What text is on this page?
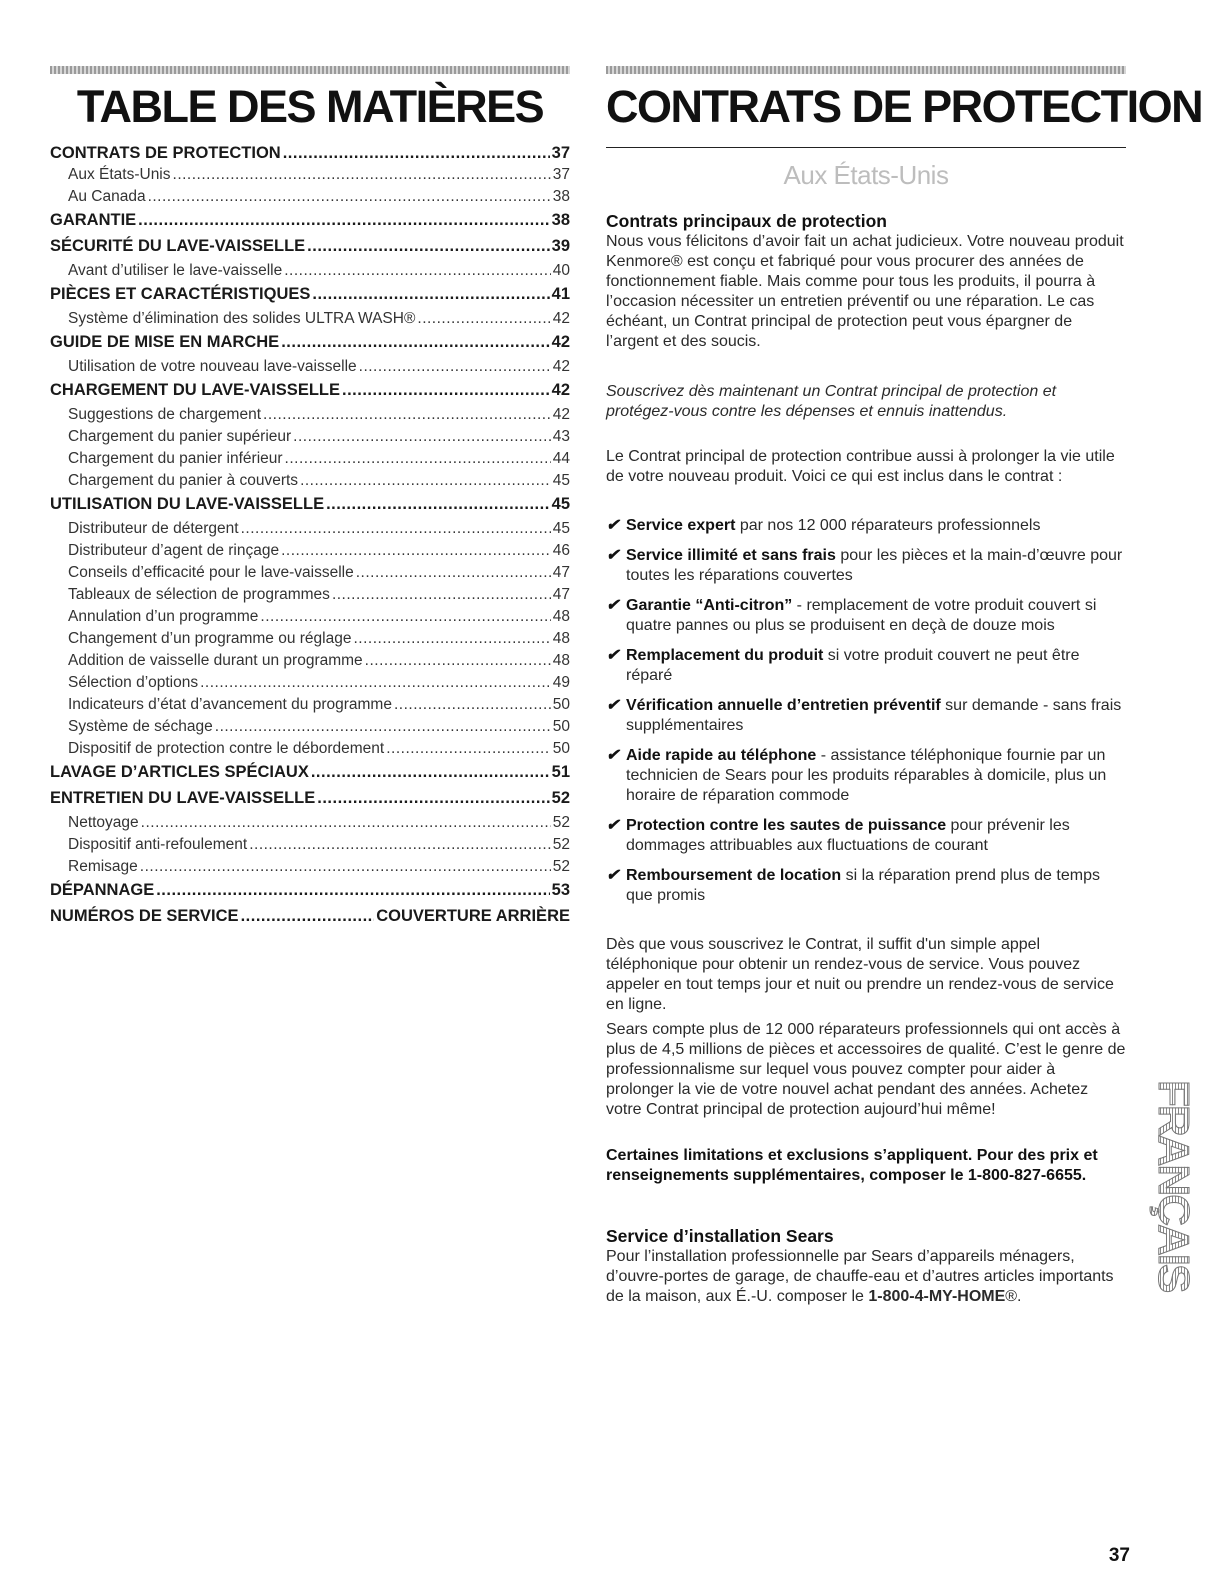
TABLE DES MATIÈRES	CONTRATS DE PROTECTION
CONTRATS DE PROTECTION .....	37
Aux États-Unis .....	37
Au Canada .....	38
GARANTIE .....	38
SÉCURITÉ DU LAVE-VAISSELLE .....	39
Avant d’utiliser le lave-vaisselle .....	40
PIÈCES ET CARACTÉRISTIQUES .....	41
Système d’élimination des solides ULTRA WASH® .....	42
GUIDE DE MISE EN MARCHE .....	42
Utilisation de votre nouveau lave-vaisselle .....	42
CHARGEMENT DU LAVE-VAISSELLE .....	42
Suggestions de chargement .....	42
Chargement du panier supérieur .....	43
Chargement du panier inférieur .....	44
Chargement du panier à couverts .....	45
UTILISATION DU LAVE-VAISSELLE .....	45
Distributeur de détergent .....	45
Distributeur d’agent de rinçage .....	46
Conseils d’efficacité pour le lave-vaisselle .....	47
Tableaux de sélection de programmes .....	47
Annulation d’un programme .....	48
Changement d’un programme ou réglage .....	48
Addition de vaisselle durant un programme .....	48
Sélection d’options .....	49
Indicateurs d’état d’avancement du programme .....	50
Système de séchage .....	50
Dispositif de protection contre le débordement .....	50
LAVAGE D’ARTICLES SPÉCIAUX .....	51
ENTRETIEN DU LAVE-VAISSELLE .....	52
Nettoyage .....	52
Dispositif anti-refoulement .....	52
Remisage .....	52
DÉPANNAGE .....	53
NUMÉROS DE SERVICE .....	COUVERTURE ARRIÈRE
Aux États-Unis

Contrats principaux de protection

Nous vous félicitons d’avoir fait un achat judicieux. Votre nouveau produit Kenmore® est conçu et fabriqué pour vous procurer des années de fonctionnement fiable. Mais comme pour tous les produits, il pourra à l’occasion nécessiter un entretien préventif ou une réparation. Le cas échéant, un Contrat principal de protection peut vous épargner de l’argent et des soucis.

Souscrivez dès maintenant un Contrat principal de protection et protégez-vous contre les dépenses et ennuis inattendus.

Le Contrat principal de protection contribue aussi à prolonger la vie utile de votre nouveau produit. Voici ce qui est inclus dans le contrat :

✔ Service expert par nos 12 000 réparateurs professionnels
✔ Service illimité et sans frais pour les pièces et la main-d’œuvre pour toutes les réparations couvertes
✔ Garantie “Anti-citron” - remplacement de votre produit couvert si quatre pannes ou plus se produisent en deçà de douze mois
✔ Remplacement du produit si votre produit couvert ne peut être réparé
✔ Vérification annuelle d’entretien préventif sur demande - sans frais supplémentaires
✔ Aide rapide au téléphone - assistance téléphonique fournie par un technicien de Sears pour les produits réparables à domicile, plus un horaire de réparation commode
✔ Protection contre les sautes de puissance pour prévenir les dommages attribuables aux fluctuations de courant
✔ Remboursement de location si la réparation prend plus de temps que promis

Dès que vous souscrivez le Contrat, il suffit d'un simple appel téléphonique pour obtenir un rendez-vous de service. Vous pouvez appeler en tout temps jour et nuit ou prendre un rendez-vous de service en ligne.

Sears compte plus de 12 000 réparateurs professionnels qui ont accès à plus de 4,5 millions de pièces et accessoires de qualité. C’est le genre de professionnalisme sur lequel vous pouvez compter pour aider à prolonger la vie de votre nouvel achat pendant des années. Achetez votre Contrat principal de protection aujourd’hui même!

Certaines limitations et exclusions s’appliquent. Pour des prix et renseignements supplémentaires, composer le 1-800-827-6655.

Service d’installation Sears

Pour l’installation professionnelle par Sears d’appareils ménagers, d’ouvre-portes de garage, de chauffe-eau et d’autres articles importants de la maison, aux É.-U. composer le 1-800-4-MY-HOME®.

FRANÇAIS
37
